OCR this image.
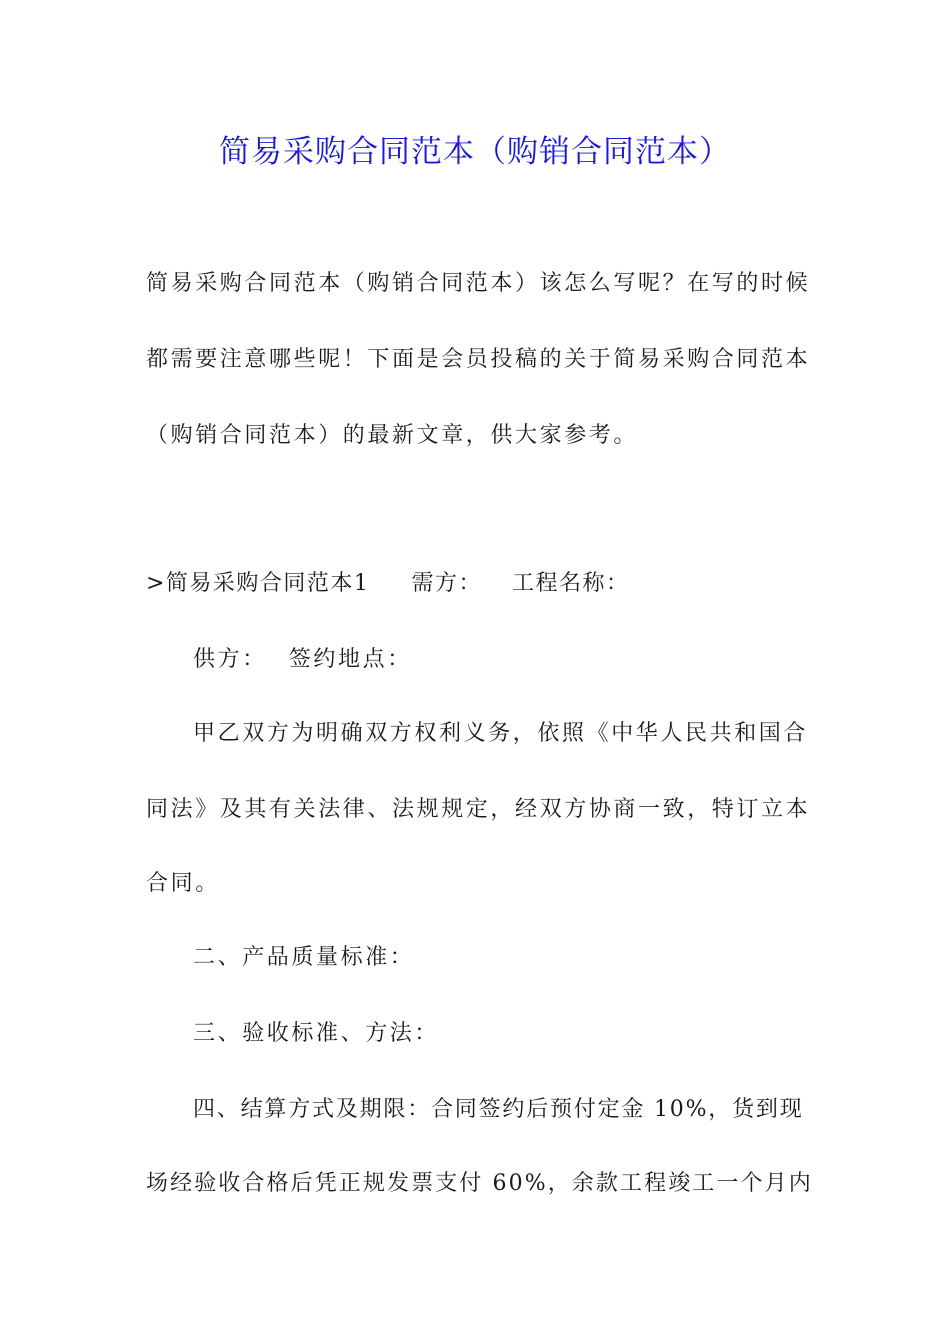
简易采购合同范本（购销合同范本）
简易采购合同范本（购销合同范本）该怎么写呢？在写的时候
都需要注意哪些呢！下面是会员投稿的关于简易采购合同范本
（购销合同范本）的最新文章，供大家参考。
>简易采购合同范本1 需方： 工程名称：
供方： 签约地点：
甲乙双方为明确双方权利义务，依照《中华人民共和国合
同法》及其有关法律、法规规定，经双方协商一致，特订立本
合同。
二、产品质量标准：
三、验收标准、方法：
四、结算方式及期限：合同签约后预付定金 10%，货到现
场经验收合格后凭正规发票支付 60%，余款工程竣工一个月内
